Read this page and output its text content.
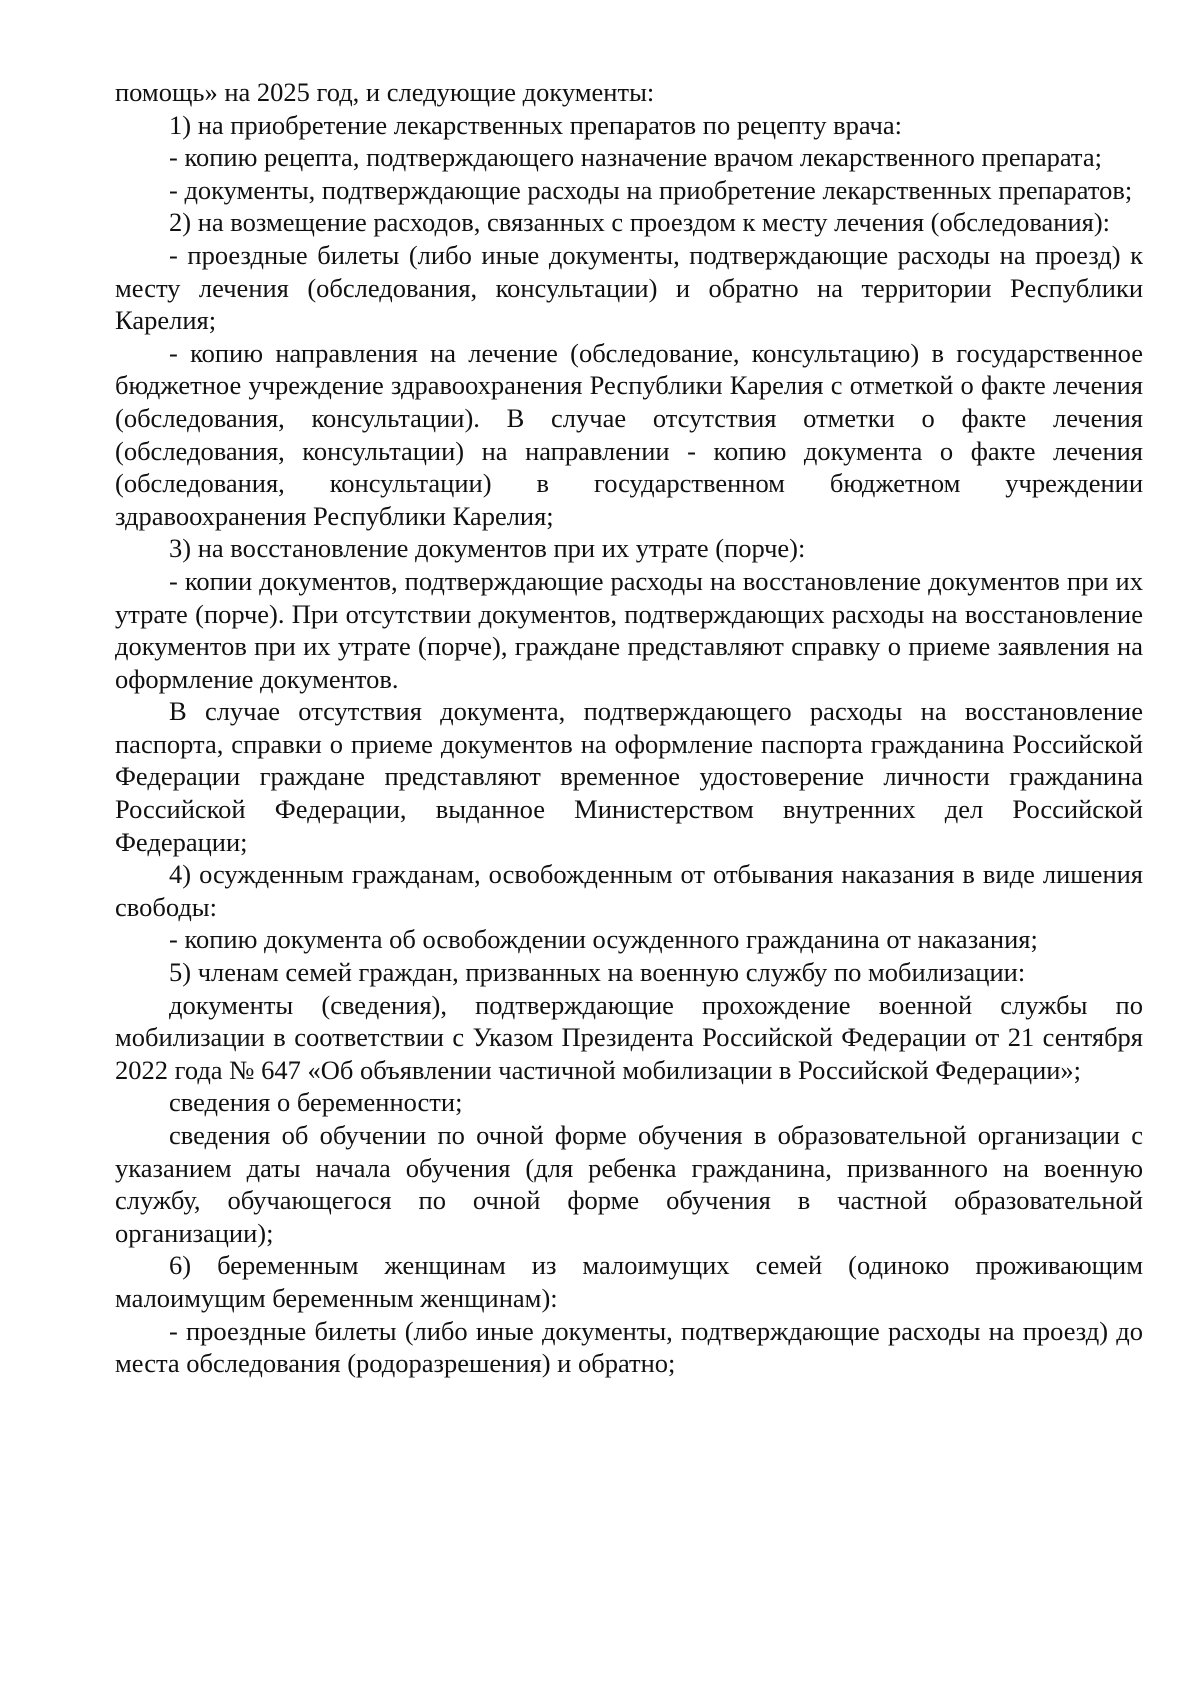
помощь» на 2025 год, и следующие документы:

1) на приобретение лекарственных препаратов по рецепту врача:

- копию рецепта, подтверждающего назначение врачом лекарственного препарата;

- документы, подтверждающие расходы на приобретение лекарственных препаратов;

2) на возмещение расходов, связанных с проездом к месту лечения (обследования):

- проездные билеты (либо иные документы, подтверждающие расходы на проезд) к месту лечения (обследования, консультации) и обратно на территории Республики Карелия;

- копию направления на лечение (обследование, консультацию) в государственное бюджетное учреждение здравоохранения Республики Карелия с отметкой о факте лечения (обследования, консультации). В случае отсутствия отметки о факте лечения (обследования, консультации) на направлении - копию документа о факте лечения (обследования, консультации) в государственном бюджетном учреждении здравоохранения Республики Карелия;

3) на восстановление документов при их утрате (порче):

- копии документов, подтверждающие расходы на восстановление документов при их утрате (порче). При отсутствии документов, подтверждающих расходы на восстановление документов при их утрате (порче), граждане представляют справку о приеме заявления на оформление документов.

В случае отсутствия документа, подтверждающего расходы на восстановление паспорта, справки о приеме документов на оформление паспорта гражданина Российской Федерации граждане представляют временное удостоверение личности гражданина Российской Федерации, выданное Министерством внутренних дел Российской Федерации;

4) осужденным гражданам, освобожденным от отбывания наказания в виде лишения свободы:

- копию документа об освобождении осужденного гражданина от наказания;

5) членам семей граждан, призванных на военную службу по мобилизации:

документы (сведения), подтверждающие прохождение военной службы по мобилизации в соответствии с Указом Президента Российской Федерации от 21 сентября 2022 года № 647 «Об объявлении частичной мобилизации в Российской Федерации»;

сведения о беременности;

сведения об обучении по очной форме обучения в образовательной организации с указанием даты начала обучения (для ребенка гражданина, призванного на военную службу, обучающегося по очной форме обучения в частной образовательной организации);

6) беременным женщинам из малоимущих семей (одиноко проживающим малоимущим беременным женщинам):

- проездные билеты (либо иные документы, подтверждающие расходы на проезд) до места обследования (родоразрешения) и обратно;
